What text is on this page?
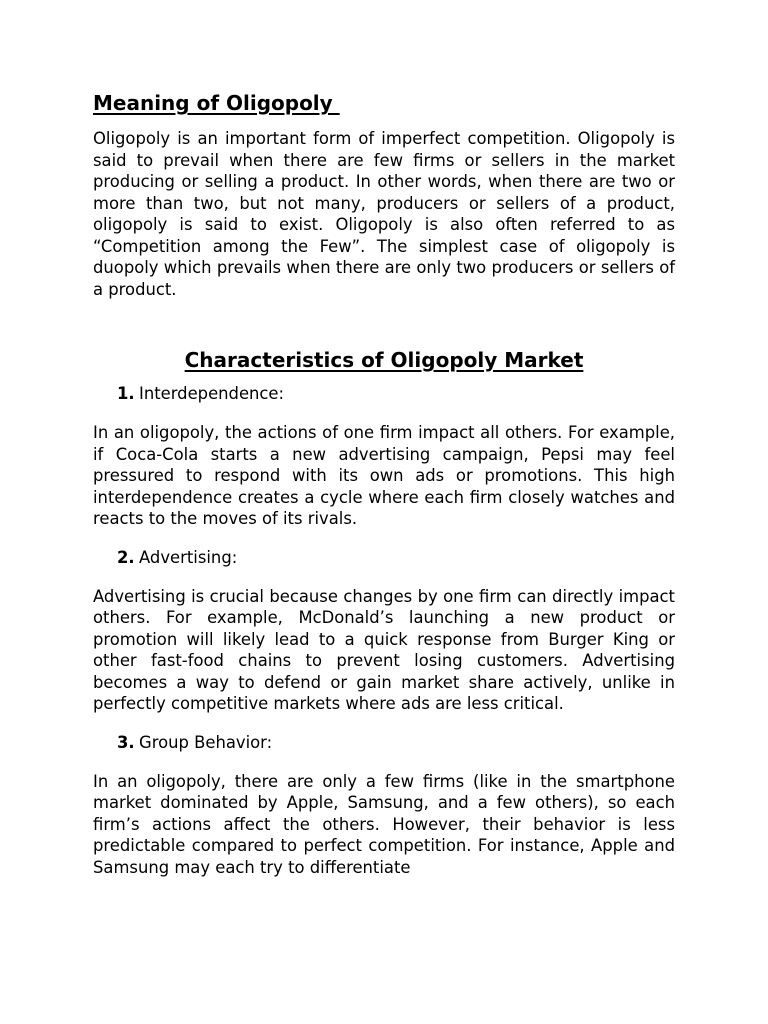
Meaning of Oligopoly

Oligopoly is an important form of imperfect competition. Oligopoly is said to prevail when there are few firms or sellers in the market producing or selling a product. In other words, when there are two or more than two, but not many, producers or sellers of a product, oligopoly is said to exist. Oligopoly is also often referred to as “Competition among the Few”. The simplest case of oligopoly is duopoly which prevails when there are only two producers or sellers of a product.

Characteristics of Oligopoly Market

1. Interdependence:

In an oligopoly, the actions of one firm impact all others. For example, if Coca-Cola starts a new advertising campaign, Pepsi may feel pressured to respond with its own ads or promotions. This high interdependence creates a cycle where each firm closely watches and reacts to the moves of its rivals.

2. Advertising:

Advertising is crucial because changes by one firm can directly impact others. For example, McDonald’s launching a new product or promotion will likely lead to a quick response from Burger King or other fast-food chains to prevent losing customers. Advertising becomes a way to defend or gain market share actively, unlike in perfectly competitive markets where ads are less critical.

3. Group Behavior:

In an oligopoly, there are only a few firms (like in the smartphone market dominated by Apple, Samsung, and a few others), so each firm’s actions affect the others. However, their behavior is less predictable compared to perfect competition. For instance, Apple and Samsung may each try to differentiate
